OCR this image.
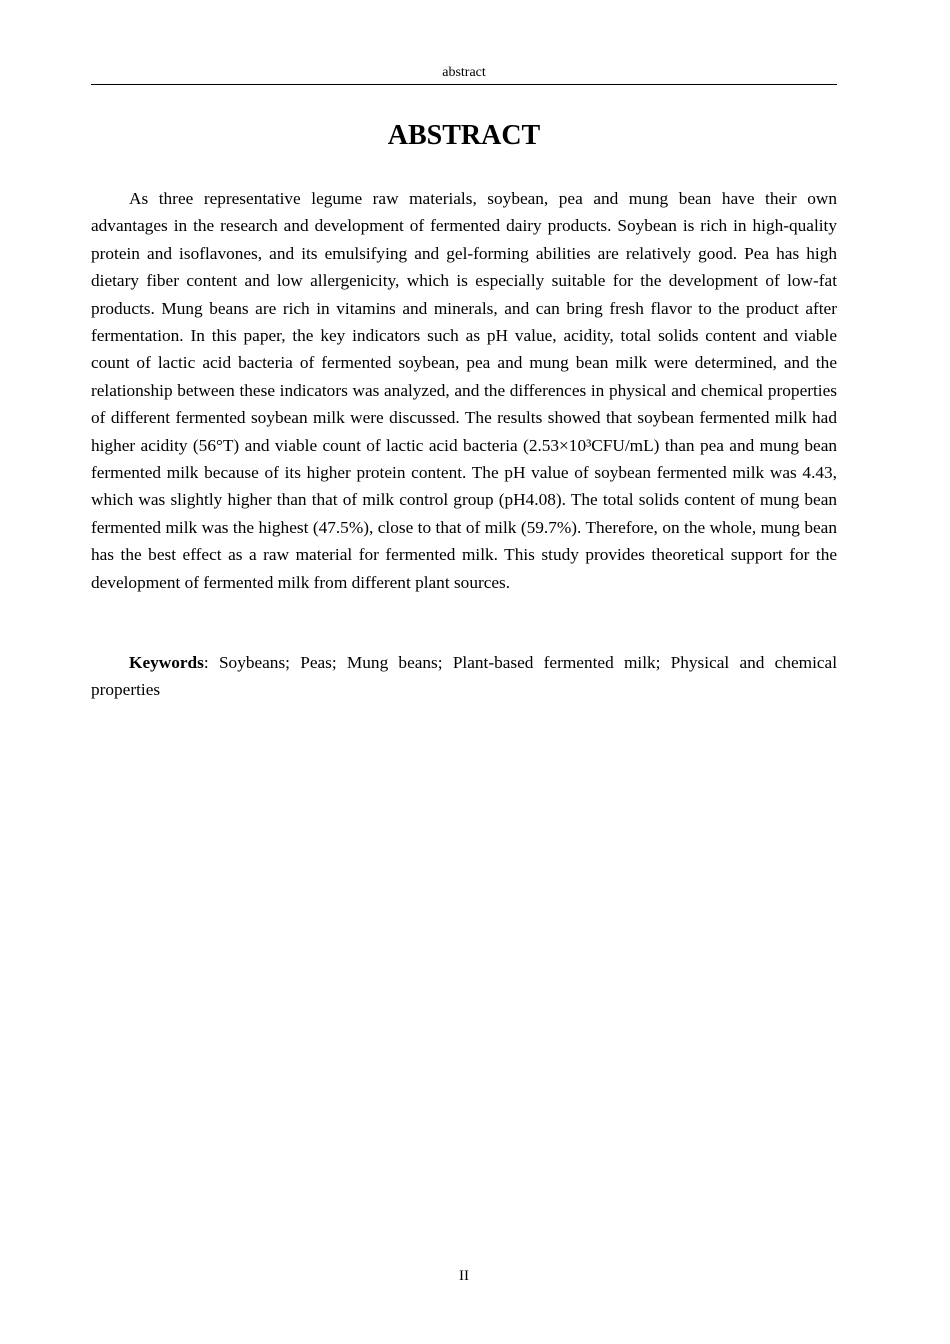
abstract
ABSTRACT

As three representative legume raw materials, soybean, pea and mung bean have their own advantages in the research and development of fermented dairy products. Soybean is rich in high-quality protein and isoflavones, and its emulsifying and gel-forming abilities are relatively good. Pea has high dietary fiber content and low allergenicity, which is especially suitable for the development of low-fat products. Mung beans are rich in vitamins and minerals, and can bring fresh flavor to the product after fermentation. In this paper, the key indicators such as pH value, acidity, total solids content and viable count of lactic acid bacteria of fermented soybean, pea and mung bean milk were determined, and the relationship between these indicators was analyzed, and the differences in physical and chemical properties of different fermented soybean milk were discussed. The results showed that soybean fermented milk had higher acidity (56°T) and viable count of lactic acid bacteria (2.53×10³CFU/mL) than pea and mung bean fermented milk because of its higher protein content. The pH value of soybean fermented milk was 4.43, which was slightly higher than that of milk control group (pH4.08). The total solids content of mung bean fermented milk was the highest (47.5%), close to that of milk (59.7%). Therefore, on the whole, mung bean has the best effect as a raw material for fermented milk. This study provides theoretical support for the development of fermented milk from different plant sources.

Keywords: Soybeans; Peas; Mung beans; Plant-based fermented milk; Physical and chemical properties

II
